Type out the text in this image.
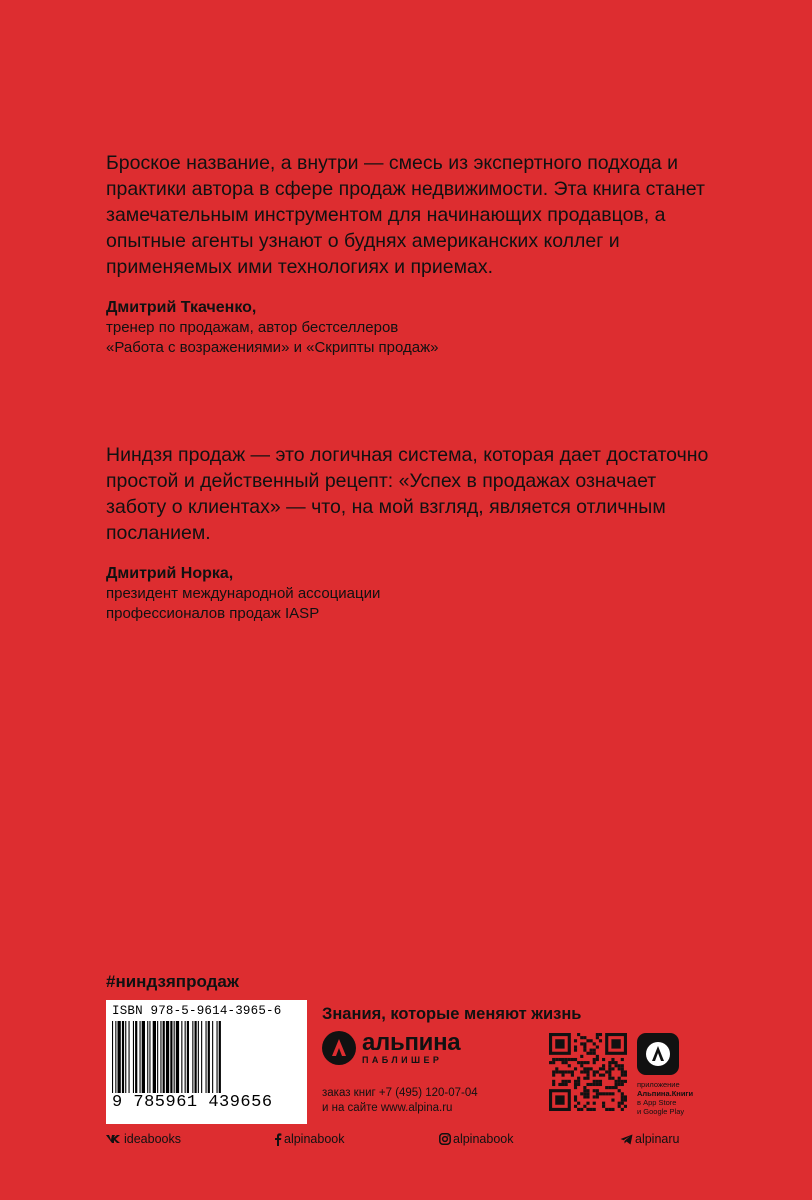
Броское название, а внутри — смесь из экспертного подхода и практики автора в сфере продаж недвижимости. Эта книга станет замечательным инструментом для начинающих продавцов, а опытные агенты узнают о буднях американских коллег и применяемых ими технологиях и приемах.

Дмитрий Ткаченко,
тренер по продажам, автор бестселлеров
«Работа с возражениями» и «Скрипты продаж»

Ниндзя продаж — это логичная система, которая дает достаточно простой и действенный рецепт: «Успех в продажах означает заботу о клиентах» — что, на мой взгляд, является отличным посланием.

Дмитрий Норка,
президент международной ассоциации
профессионалов продаж IASP
#ниндзяпродаж
ISBN 978-5-9614-3965-6
9 785961 439656
Знания, которые меняют жизнь
альпина
ПАБЛИШЕР
заказ книг +7 (495) 120-07-04
и на сайте www.alpina.ru
приложение
Альпина.Книги
в App Store
и Google Play
ideabooks	alpinabook	alpinabook	alpinaru
